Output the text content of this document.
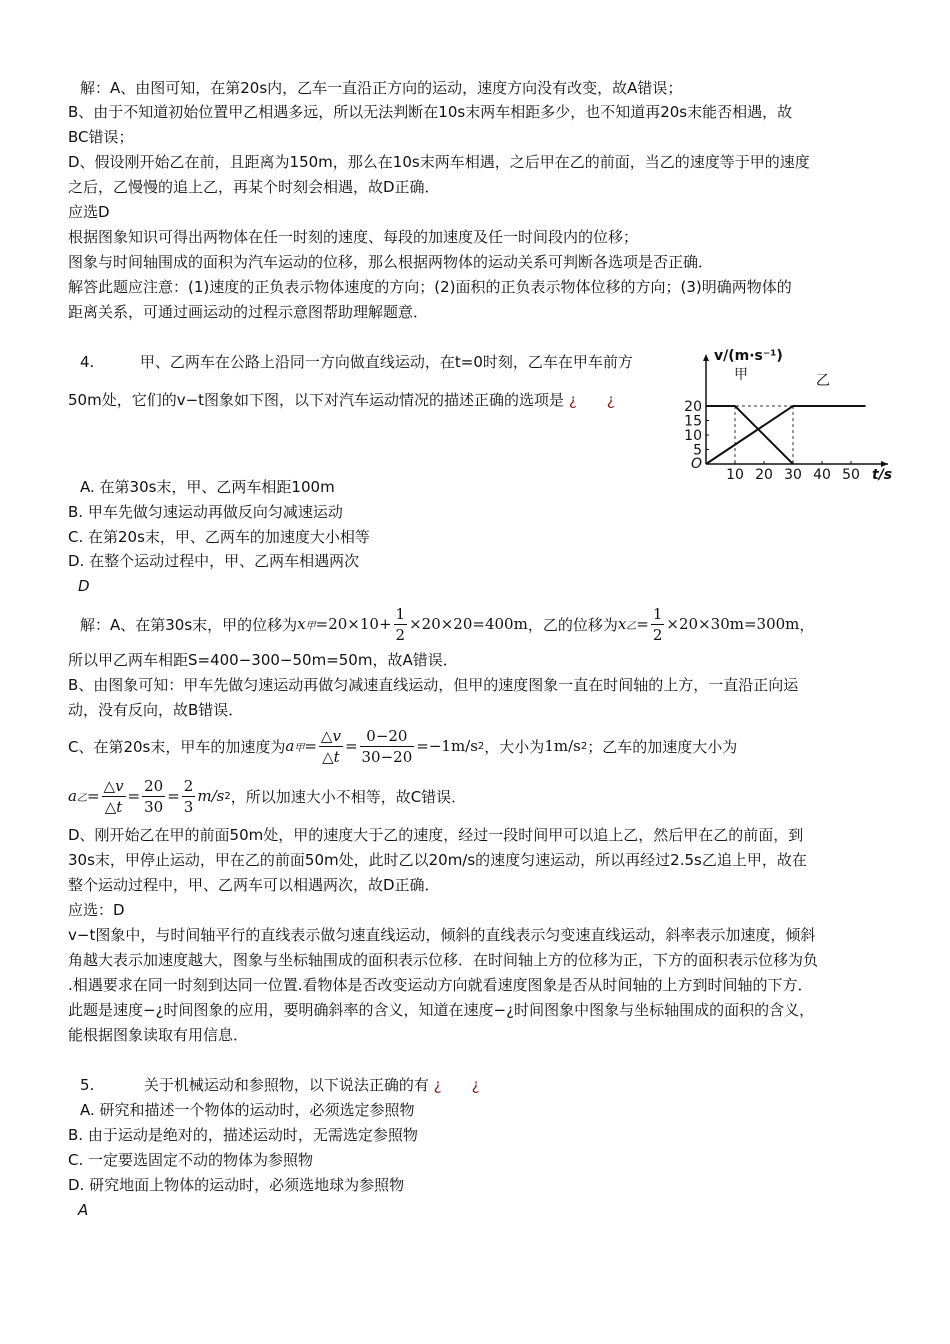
解：A、由图可知，在第20s内，乙车一直沿正方向的运动，速度方向没有改变，故A错误；
B、由于不知道初始位置甲乙相遇多远，所以无法判断在10s末两车相距多少，也不知道再20s末能否相遇，故
BC错误；
D、假设刚开始乙在前，且距离为150m，那么在10s末两车相遇，之后甲在乙的前面，当乙的速度等于甲的速度
之后，乙慢慢的追上乙，再某个时刻会相遇，故D正确．
应选D
根据图象知识可得出两物体在任一时刻的速度、每段的加速度及任一时间段内的位移；
图象与时间轴围成的面积为汽车运动的位移，那么根据两物体的运动关系可判断各选项是否正确．
解答此题应注意：(1)速度的正负表示物体速度的方向；(2)面积的正负表示物体位移的方向；(3)明确两物体的
距离关系，可通过画运动的过程示意图帮助理解题意．
4.	甲、乙两车在公路上沿同一方向做直线运动，在t=0时刻，乙车在甲车前方
50m处，它们的v−t图象如下图，以下对汽车运动情况的描述正确的选项是 ¿　　¿
5
10
15
20
10 20 30 40 50
v/(m·s⁻¹)
t/s
O
甲	乙
A. 在第30s末，甲、乙两车相距100m
B. 甲车先做匀速运动再做反向匀减速运动
C. 在第20s末，甲、乙两车的加速度大小相等
D. 在整个运动过程中，甲、乙两车相遇两次
D
解：A、在第30s末，甲的位移为 x 甲 $=20\times 10+ \frac{1}{2} \times 20\times 20=400m$ ，乙的位移为 x 乙 = $\frac{1}{2} \times 20\times 30m=300m$ ，
所以甲乙两车相距S=400−300−50m=50m，故A错误．
B、由图象可知：甲车先做匀速运动再做匀减速直线运动，但甲的速度图象一直在时间轴的上方，一直沿正向运
动，没有反向，故B错误．
C、在第20s末，甲车的加速度为 a 甲 = $\frac{\triangle v}{\triangle t} = \frac{0-20}{30-20} =-1m/s$ 2 ，大小为 1m/s 2 ；乙车的加速度大小为
a 乙 = $\frac{\triangle v}{\triangle t} = \frac{20}{30} = \frac{2}{3} m/s$ 2 ，所以加速大小不相等，故C错误．
D、刚开始乙在甲的前面50m处，甲的速度大于乙的速度，经过一段时间甲可以追上乙，然后甲在乙的前面，到
30s末，甲停止运动，甲在乙的前面50m处，此时乙以20m/s的速度匀速运动，所以再经过2.5s乙追上甲，故在
整个运动过程中，甲、乙两车可以相遇两次，故D正确．
应选：D
v−t图象中，与时间轴平行的直线表示做匀速直线运动，倾斜的直线表示匀变速直线运动，斜率表示加速度，倾斜
角越大表示加速度越大，图象与坐标轴围成的面积表示位移．在时间轴上方的位移为正，下方的面积表示位移为负
.相遇要求在同一时刻到达同一位置.看物体是否改变运动方向就看速度图象是否从时间轴的上方到时间轴的下方．
此题是速度−¿时间图象的应用，要明确斜率的含义，知道在速度−¿时间图象中图象与坐标轴围成的面积的含义，
能根据图象读取有用信息．
5.	关于机械运动和参照物，以下说法正确的有 ¿　　¿
A. 研究和描述一个物体的运动时，必须选定参照物
B. 由于运动是绝对的，描述运动时，无需选定参照物
C. 一定要选固定不动的物体为参照物
D. 研究地面上物体的运动时，必须选地球为参照物
A
